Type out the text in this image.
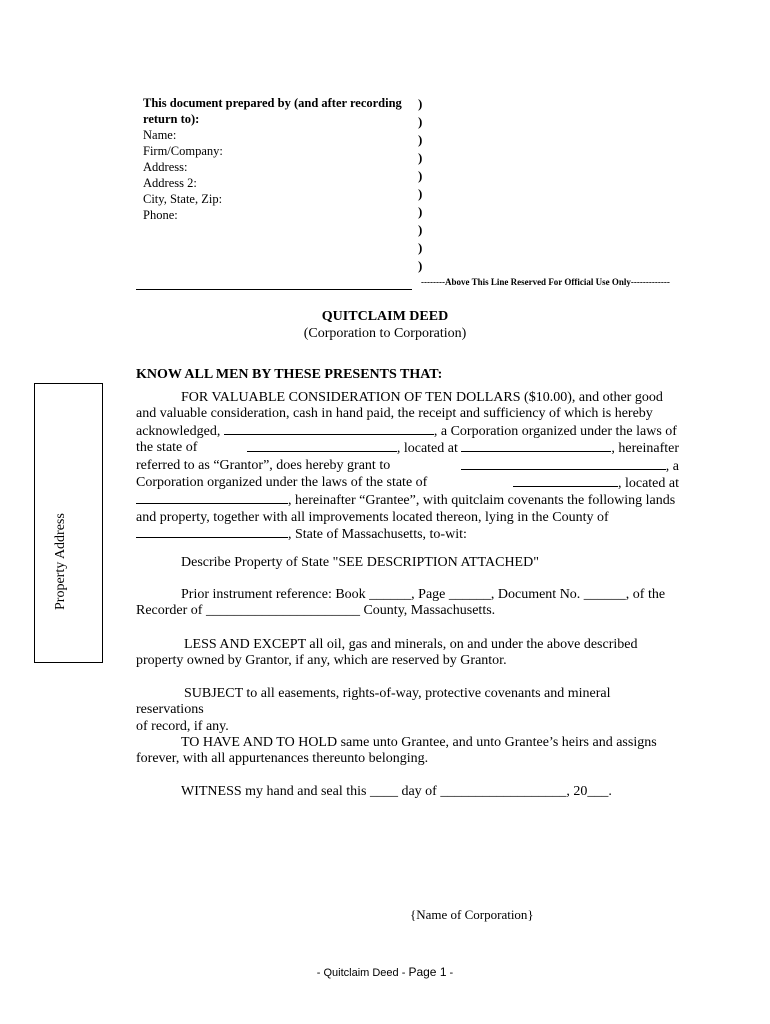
This document prepared by (and after recording
return to):
Name:
Firm/Company:
Address:
Address 2:
City, State, Zip:
Phone:
)
)
)
)
)
)
)
)
)
)
--------Above This Line Reserved For Official Use Only-------------
QUITCLAIM DEED
(Corporation to Corporation)
KNOW ALL MEN BY THESE PRESENTS THAT:
FOR VALUABLE CONSIDERATION OF TEN DOLLARS ($10.00), and other good
and valuable consideration, cash in hand paid, the receipt and sufficiency of which is hereby
acknowledged,	, a Corporation organized under the laws of
the state of	, located at	, hereinafter
referred to as “Grantor”, does hereby grant to	, a
Corporation organized under the laws of the state of	, located at
, hereinafter “Grantee”, with quitclaim covenants the following lands
and property, together with all improvements located thereon, lying in the County of
, State of Massachusetts, to-wit:

Describe Property of State "SEE DESCRIPTION ATTACHED"

Prior instrument reference: Book ______, Page ______, Document No. ______, of the
Recorder of ______________________ County, Massachusetts.
LESS AND EXCEPT all oil, gas and minerals, on and under the above described
property owned by Grantor, if any, which are reserved by Grantor.
SUBJECT to all easements, rights-of-way, protective covenants and mineral reservations
of record, if any.
TO HAVE AND TO HOLD same unto Grantee, and unto Grantee’s heirs and assigns
forever, with all appurtenances thereunto belonging.
WITNESS my hand and seal this ____ day of __________________, 20___.
{Name of Corporation}
Property Address
- Quitclaim Deed - Page 1 -
